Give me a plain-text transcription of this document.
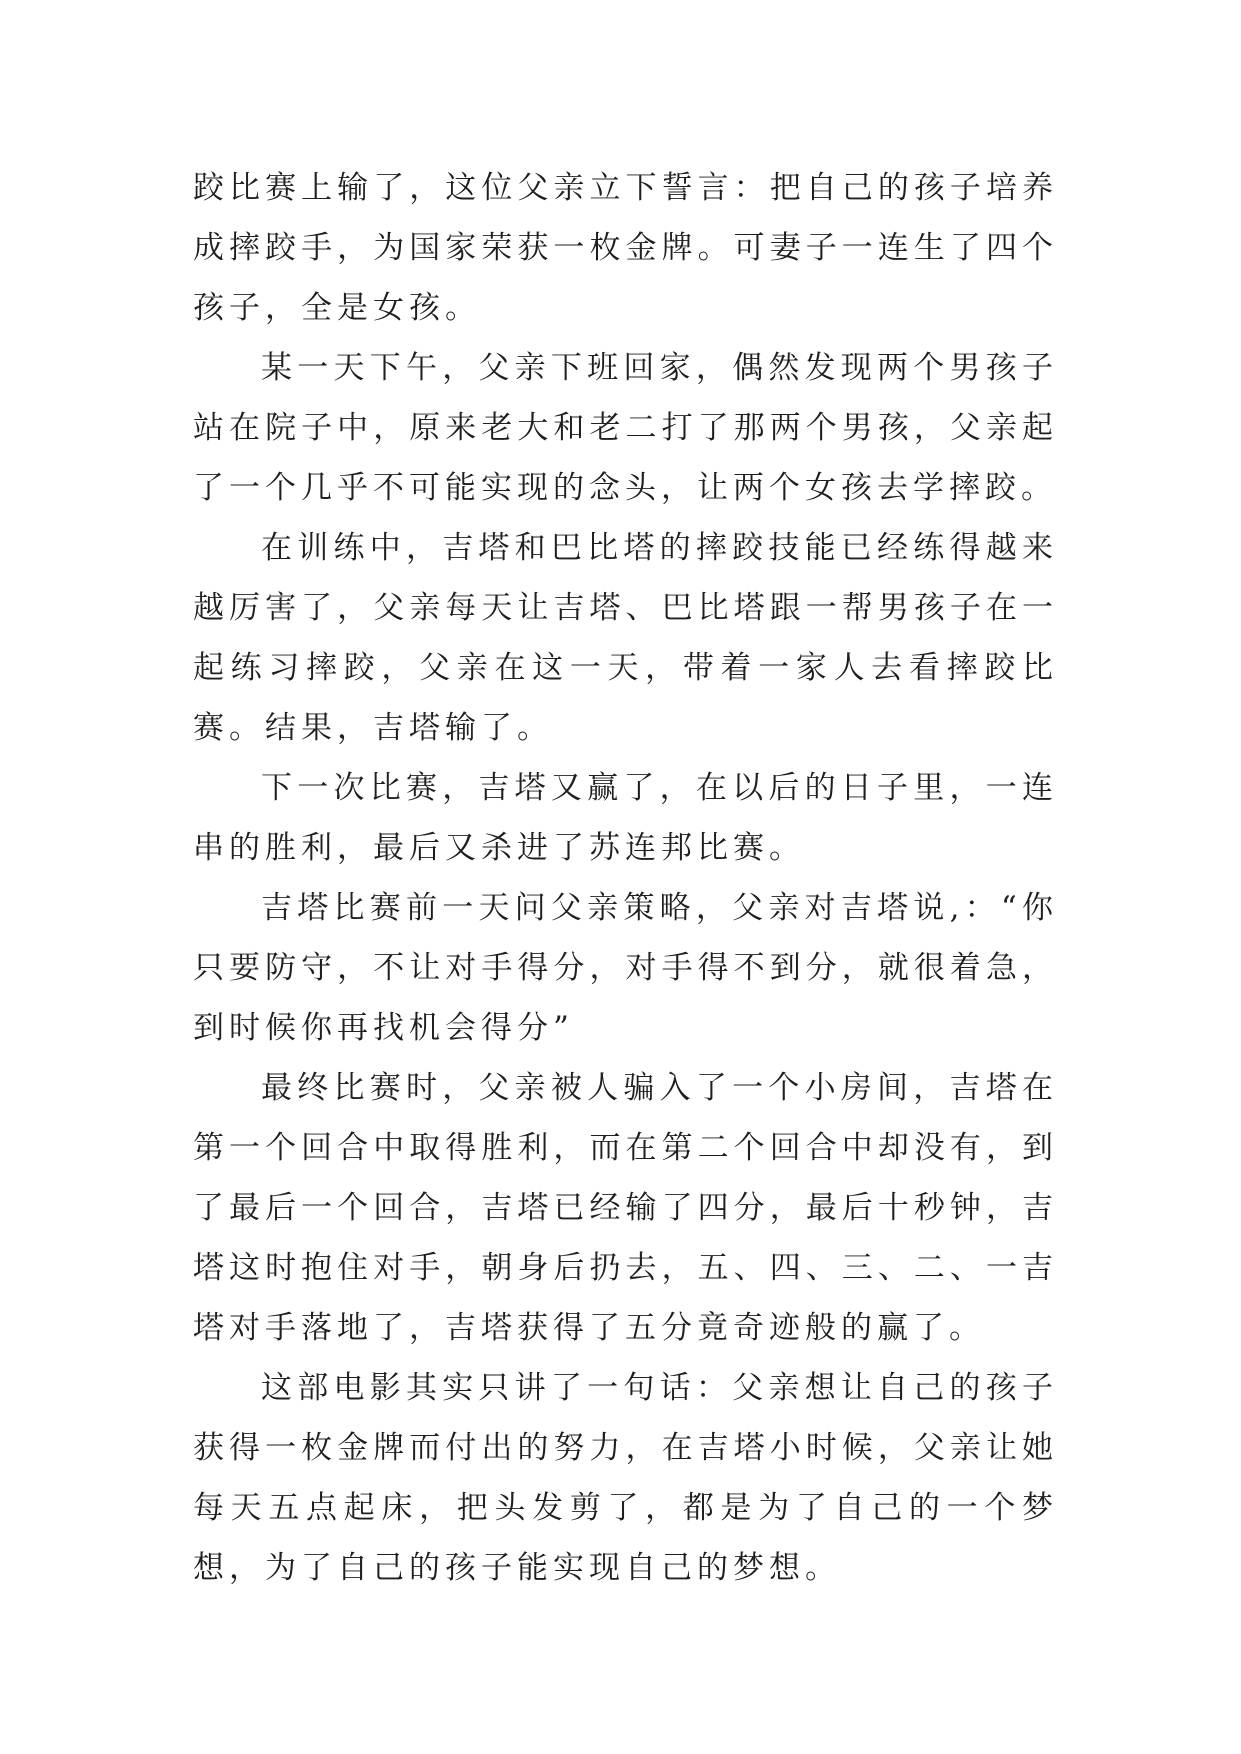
跤比赛上输了，这位父亲立下誓言：把自己的孩子培养成摔跤手，为国家荣获一枚金牌。可妻子一连生了四个孩子，全是女孩。

某一天下午，父亲下班回家，偶然发现两个男孩子站在院子中，原来老大和老二打了那两个男孩，父亲起了一个几乎不可能实现的念头，让两个女孩去学摔跤。

在训练中，吉塔和巴比塔的摔跤技能已经练得越来越厉害了，父亲每天让吉塔、巴比塔跟一帮男孩子在一起练习摔跤，父亲在这一天，带着一家人去看摔跤比赛。结果，吉塔输了。

下一次比赛，吉塔又赢了，在以后的日子里，一连串的胜利，最后又杀进了苏连邦比赛。

吉塔比赛前一天问父亲策略，父亲对吉塔说,：“你只要防守，不让对手得分，对手得不到分，就很着急，到时候你再找机会得分”

最终比赛时，父亲被人骗入了一个小房间，吉塔在第一个回合中取得胜利，而在第二个回合中却没有，到了最后一个回合，吉塔已经输了四分，最后十秒钟，吉塔这时抱住对手，朝身后扔去，五、四、三、二、一吉塔对手落地了，吉塔获得了五分竟奇迹般的赢了。

这部电影其实只讲了一句话：父亲想让自己的孩子获得一枚金牌而付出的努力，在吉塔小时候，父亲让她每天五点起床，把头发剪了，都是为了自己的一个梦想，为了自己的孩子能实现自己的梦想。
